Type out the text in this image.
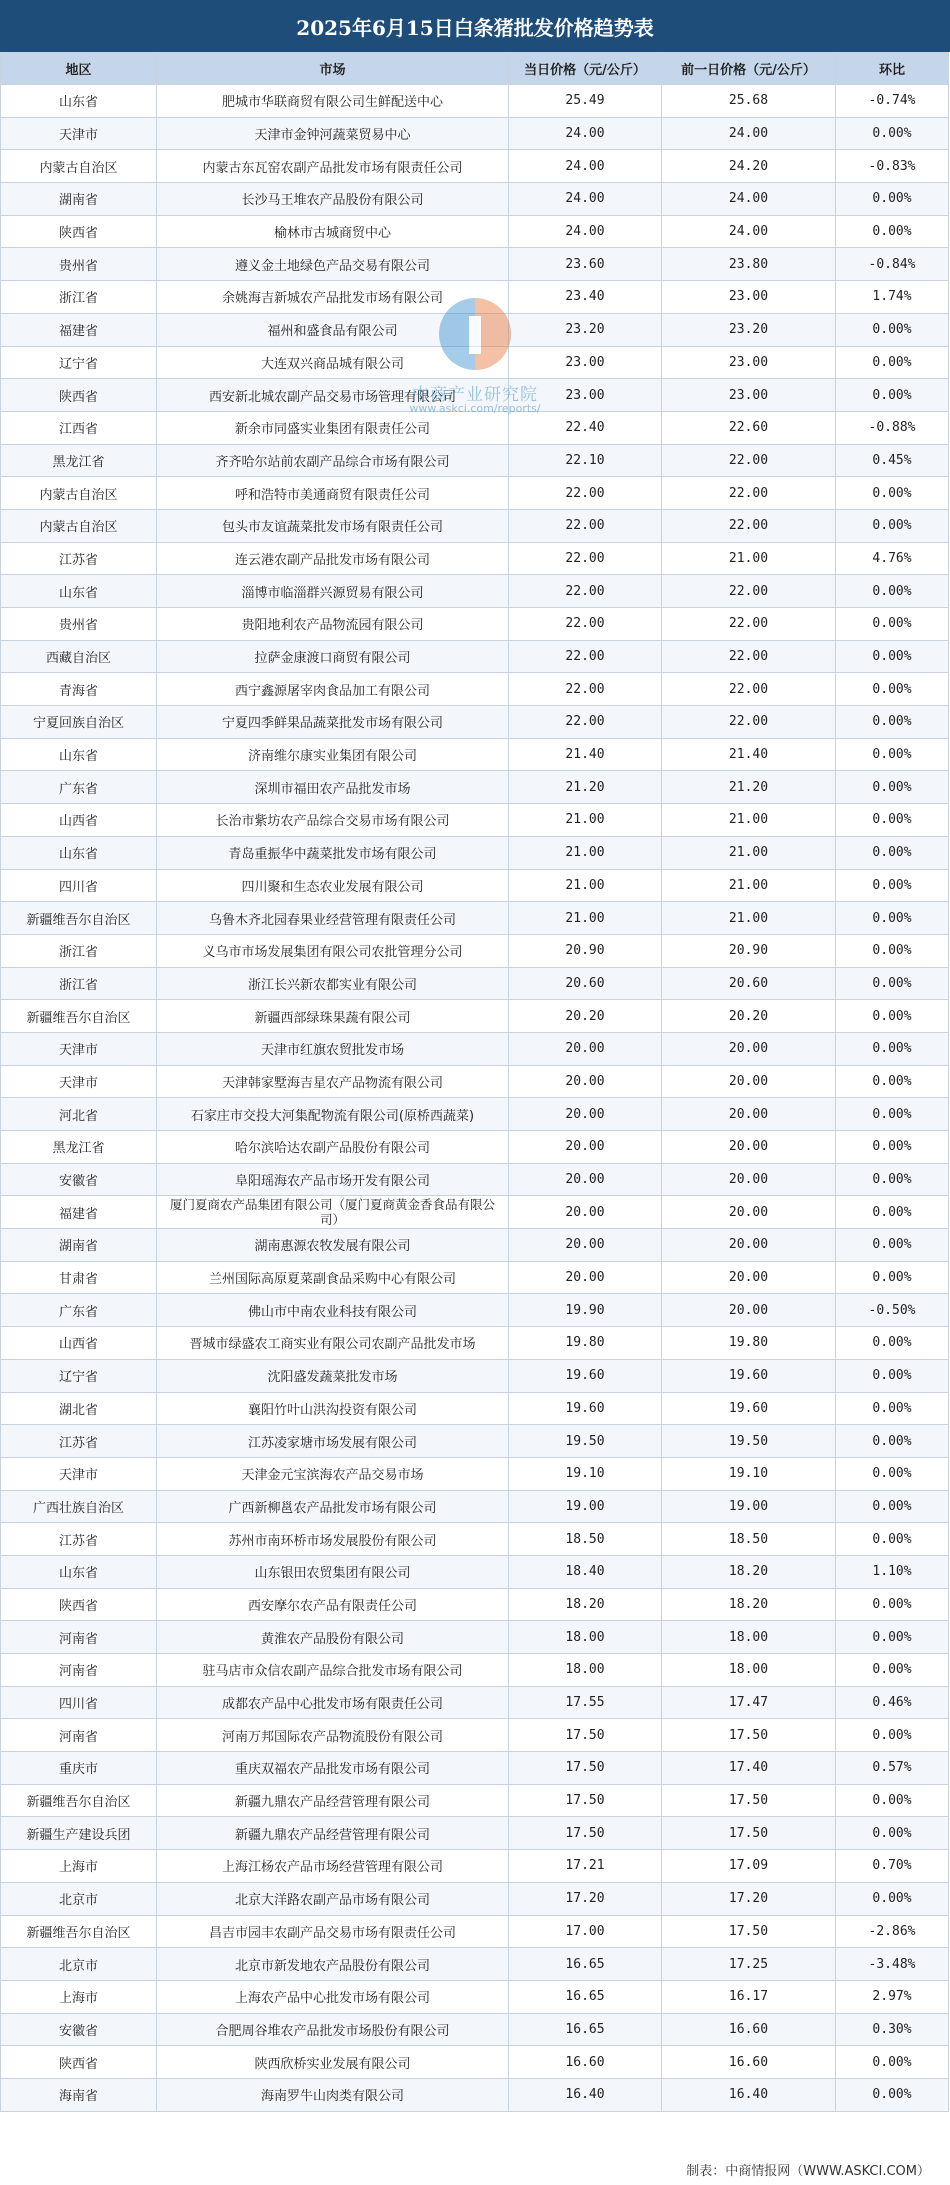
2025年6月15日白条猪批发价格趋势表
地区	市场	当日价格（元/公斤）	前一日价格（元/公斤）	环比
山东省	肥城市华联商贸有限公司生鲜配送中心	25.49	25.68	-0.74%
天津市	天津市金钟河蔬菜贸易中心	24.00	24.00	0.00%
内蒙古自治区	内蒙古东瓦窑农副产品批发市场有限责任公司	24.00	24.20	-0.83%
湖南省	长沙马王堆农产品股份有限公司	24.00	24.00	0.00%
陕西省	榆林市古城商贸中心	24.00	24.00	0.00%
贵州省	遵义金土地绿色产品交易有限公司	23.60	23.80	-0.84%
浙江省	余姚海吉新城农产品批发市场有限公司	23.40	23.00	1.74%
福建省	福州和盛食品有限公司	23.20	23.20	0.00%
辽宁省	大连双兴商品城有限公司	23.00	23.00	0.00%
陕西省	西安新北城农副产品交易市场管理有限公司	23.00	23.00	0.00%
江西省	新余市同盛实业集团有限责任公司	22.40	22.60	-0.88%
黑龙江省	齐齐哈尔站前农副产品综合市场有限公司	22.10	22.00	0.45%
内蒙古自治区	呼和浩特市美通商贸有限责任公司	22.00	22.00	0.00%
内蒙古自治区	包头市友谊蔬菜批发市场有限责任公司	22.00	22.00	0.00%
江苏省	连云港农副产品批发市场有限公司	22.00	21.00	4.76%
山东省	淄博市临淄群兴源贸易有限公司	22.00	22.00	0.00%
贵州省	贵阳地利农产品物流园有限公司	22.00	22.00	0.00%
西藏自治区	拉萨金康渡口商贸有限公司	22.00	22.00	0.00%
青海省	西宁鑫源屠宰肉食品加工有限公司	22.00	22.00	0.00%
宁夏回族自治区	宁夏四季鲜果品蔬菜批发市场有限公司	22.00	22.00	0.00%
山东省	济南维尔康实业集团有限公司	21.40	21.40	0.00%
广东省	深圳市福田农产品批发市场	21.20	21.20	0.00%
山西省	长治市紫坊农产品综合交易市场有限公司	21.00	21.00	0.00%
山东省	青岛重振华中蔬菜批发市场有限公司	21.00	21.00	0.00%
四川省	四川聚和生态农业发展有限公司	21.00	21.00	0.00%
新疆维吾尔自治区	乌鲁木齐北园春果业经营管理有限责任公司	21.00	21.00	0.00%
浙江省	义乌市市场发展集团有限公司农批管理分公司	20.90	20.90	0.00%
浙江省	浙江长兴新农都实业有限公司	20.60	20.60	0.00%
新疆维吾尔自治区	新疆西部绿珠果蔬有限公司	20.20	20.20	0.00%
天津市	天津市红旗农贸批发市场	20.00	20.00	0.00%
天津市	天津韩家墅海吉星农产品物流有限公司	20.00	20.00	0.00%
河北省	石家庄市交投大河集配物流有限公司(原桥西蔬菜)	20.00	20.00	0.00%
黑龙江省	哈尔滨哈达农副产品股份有限公司	20.00	20.00	0.00%
安徽省	阜阳瑶海农产品市场开发有限公司	20.00	20.00	0.00%
福建省	厦门夏商农产品集团有限公司（厦门夏商黄金香食品有限公司）	20.00	20.00	0.00%
湖南省	湖南惠源农牧发展有限公司	20.00	20.00	0.00%
甘肃省	兰州国际高原夏菜副食品采购中心有限公司	20.00	20.00	0.00%
广东省	佛山市中南农业科技有限公司	19.90	20.00	-0.50%
山西省	晋城市绿盛农工商实业有限公司农副产品批发市场	19.80	19.80	0.00%
辽宁省	沈阳盛发蔬菜批发市场	19.60	19.60	0.00%
湖北省	襄阳竹叶山洪沟投资有限公司	19.60	19.60	0.00%
江苏省	江苏凌家塘市场发展有限公司	19.50	19.50	0.00%
天津市	天津金元宝滨海农产品交易市场	19.10	19.10	0.00%
广西壮族自治区	广西新柳邕农产品批发市场有限公司	19.00	19.00	0.00%
江苏省	苏州市南环桥市场发展股份有限公司	18.50	18.50	0.00%
山东省	山东银田农贸集团有限公司	18.40	18.20	1.10%
陕西省	西安摩尔农产品有限责任公司	18.20	18.20	0.00%
河南省	黄淮农产品股份有限公司	18.00	18.00	0.00%
河南省	驻马店市众信农副产品综合批发市场有限公司	18.00	18.00	0.00%
四川省	成都农产品中心批发市场有限责任公司	17.55	17.47	0.46%
河南省	河南万邦国际农产品物流股份有限公司	17.50	17.50	0.00%
重庆市	重庆双福农产品批发市场有限公司	17.50	17.40	0.57%
新疆维吾尔自治区	新疆九鼎农产品经营管理有限公司	17.50	17.50	0.00%
新疆生产建设兵团	新疆九鼎农产品经营管理有限公司	17.50	17.50	0.00%
上海市	上海江杨农产品市场经营管理有限公司	17.21	17.09	0.70%
北京市	北京大洋路农副产品市场有限公司	17.20	17.20	0.00%
新疆维吾尔自治区	昌吉市园丰农副产品交易市场有限责任公司	17.00	17.50	-2.86%
北京市	北京市新发地农产品股份有限公司	16.65	17.25	-3.48%
上海市	上海农产品中心批发市场有限公司	16.65	16.17	2.97%
安徽省	合肥周谷堆农产品批发市场股份有限公司	16.65	16.60	0.30%
陕西省	陕西欣桥实业发展有限公司	16.60	16.60	0.00%
海南省	海南罗牛山肉类有限公司	16.40	16.40	0.00%
中商产业研究院
www.askci.com/reports/
制表：中商情报网（WWW.ASKCI.COM）
